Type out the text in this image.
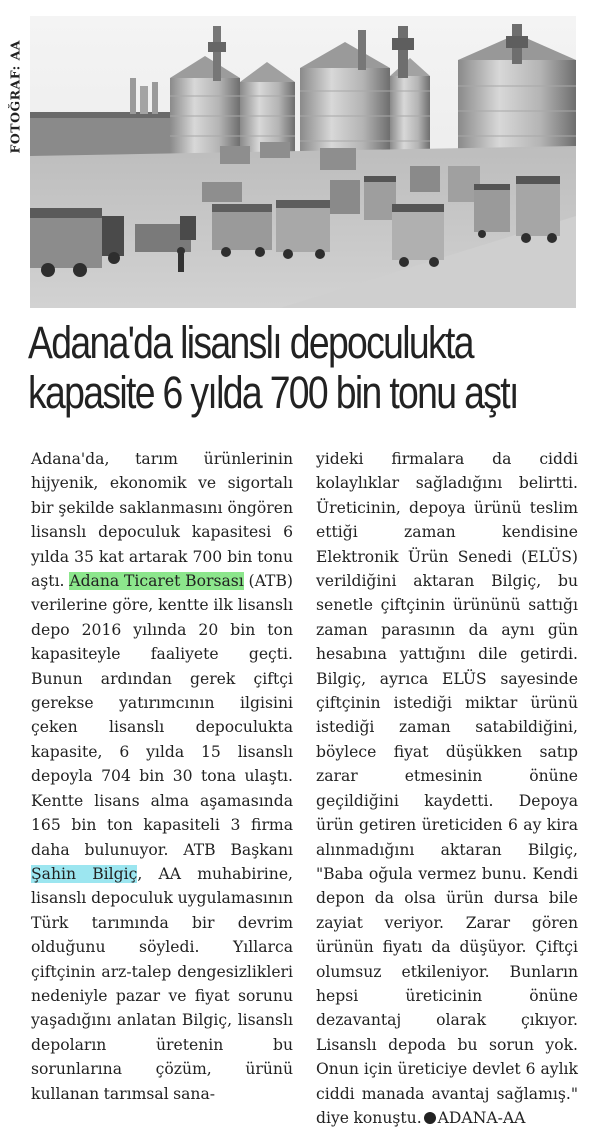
FOTOĞRAF: AA
Adana'da lisanslı depoculukta
kapasite 6 yılda 700 bin tonu aştı

Adana'da, tarım ürünlerinin hijyenik, ekonomik ve sigortalı bir şekilde saklanmasını öngören lisanslı depoculuk kapasitesi 6 yılda 35 kat artarak 700 bin tonu aştı. Adana Ticaret Borsası (ATB) verilerine göre, kentte ilk lisanslı depo 2016 yılında 20 bin ton kapasiteyle faaliyete geçti. Bunun ardından gerek çiftçi gerekse yatırımcının ilgisini çeken lisanslı depoculukta kapasite, 6 yılda 15 lisanslı depoyla 704 bin 30 tona ulaştı. Kentte lisans alma aşamasında 165 bin ton kapasiteli 3 firma daha bulunuyor. ATB Başkanı Şahin Bilgiç, AA muhabirine, lisanslı depoculuk uygulamasının Türk tarımında bir devrim olduğunu söyledi. Yıllarca çiftçinin arz-talep dengesizlikleri nedeniyle pazar ve fiyat sorunu yaşadığını anlatan Bilgiç, lisanslı depoların üretenin bu sorunlarına çözüm, ürünü kullanan tarımsal sana-

yideki firmalara da ciddi kolaylıklar sağladığını belirtti. Üreticinin, depoya ürünü teslim ettiği zaman kendisine Elektronik Ürün Senedi (ELÜS) verildiğini aktaran Bilgiç, bu senetle çiftçinin ürününü sattığı zaman parasının da aynı gün hesabına yattığını dile getirdi. Bilgiç, ayrıca ELÜS sayesinde çiftçinin istediği miktar ürünü istediği zaman satabildiğini, böylece fiyat düşükken satıp zarar etmesinin önüne geçildiğini kaydetti. Depoya ürün getiren üreticiden 6 ay kira alınmadığını aktaran Bilgiç, "Baba oğula vermez bunu. Kendi depon da olsa ürün dursa bile zayiat veriyor. Zarar gören ürünün fiyatı da düşüyor. Çiftçi olumsuz etkileniyor. Bunların hepsi üreticinin önüne dezavantaj olarak çıkıyor. Lisanslı depoda bu sorun yok. Onun için üreticiye devlet 6 aylık ciddi manada avantaj sağlamış." diye konuştu. ADANA-AA
